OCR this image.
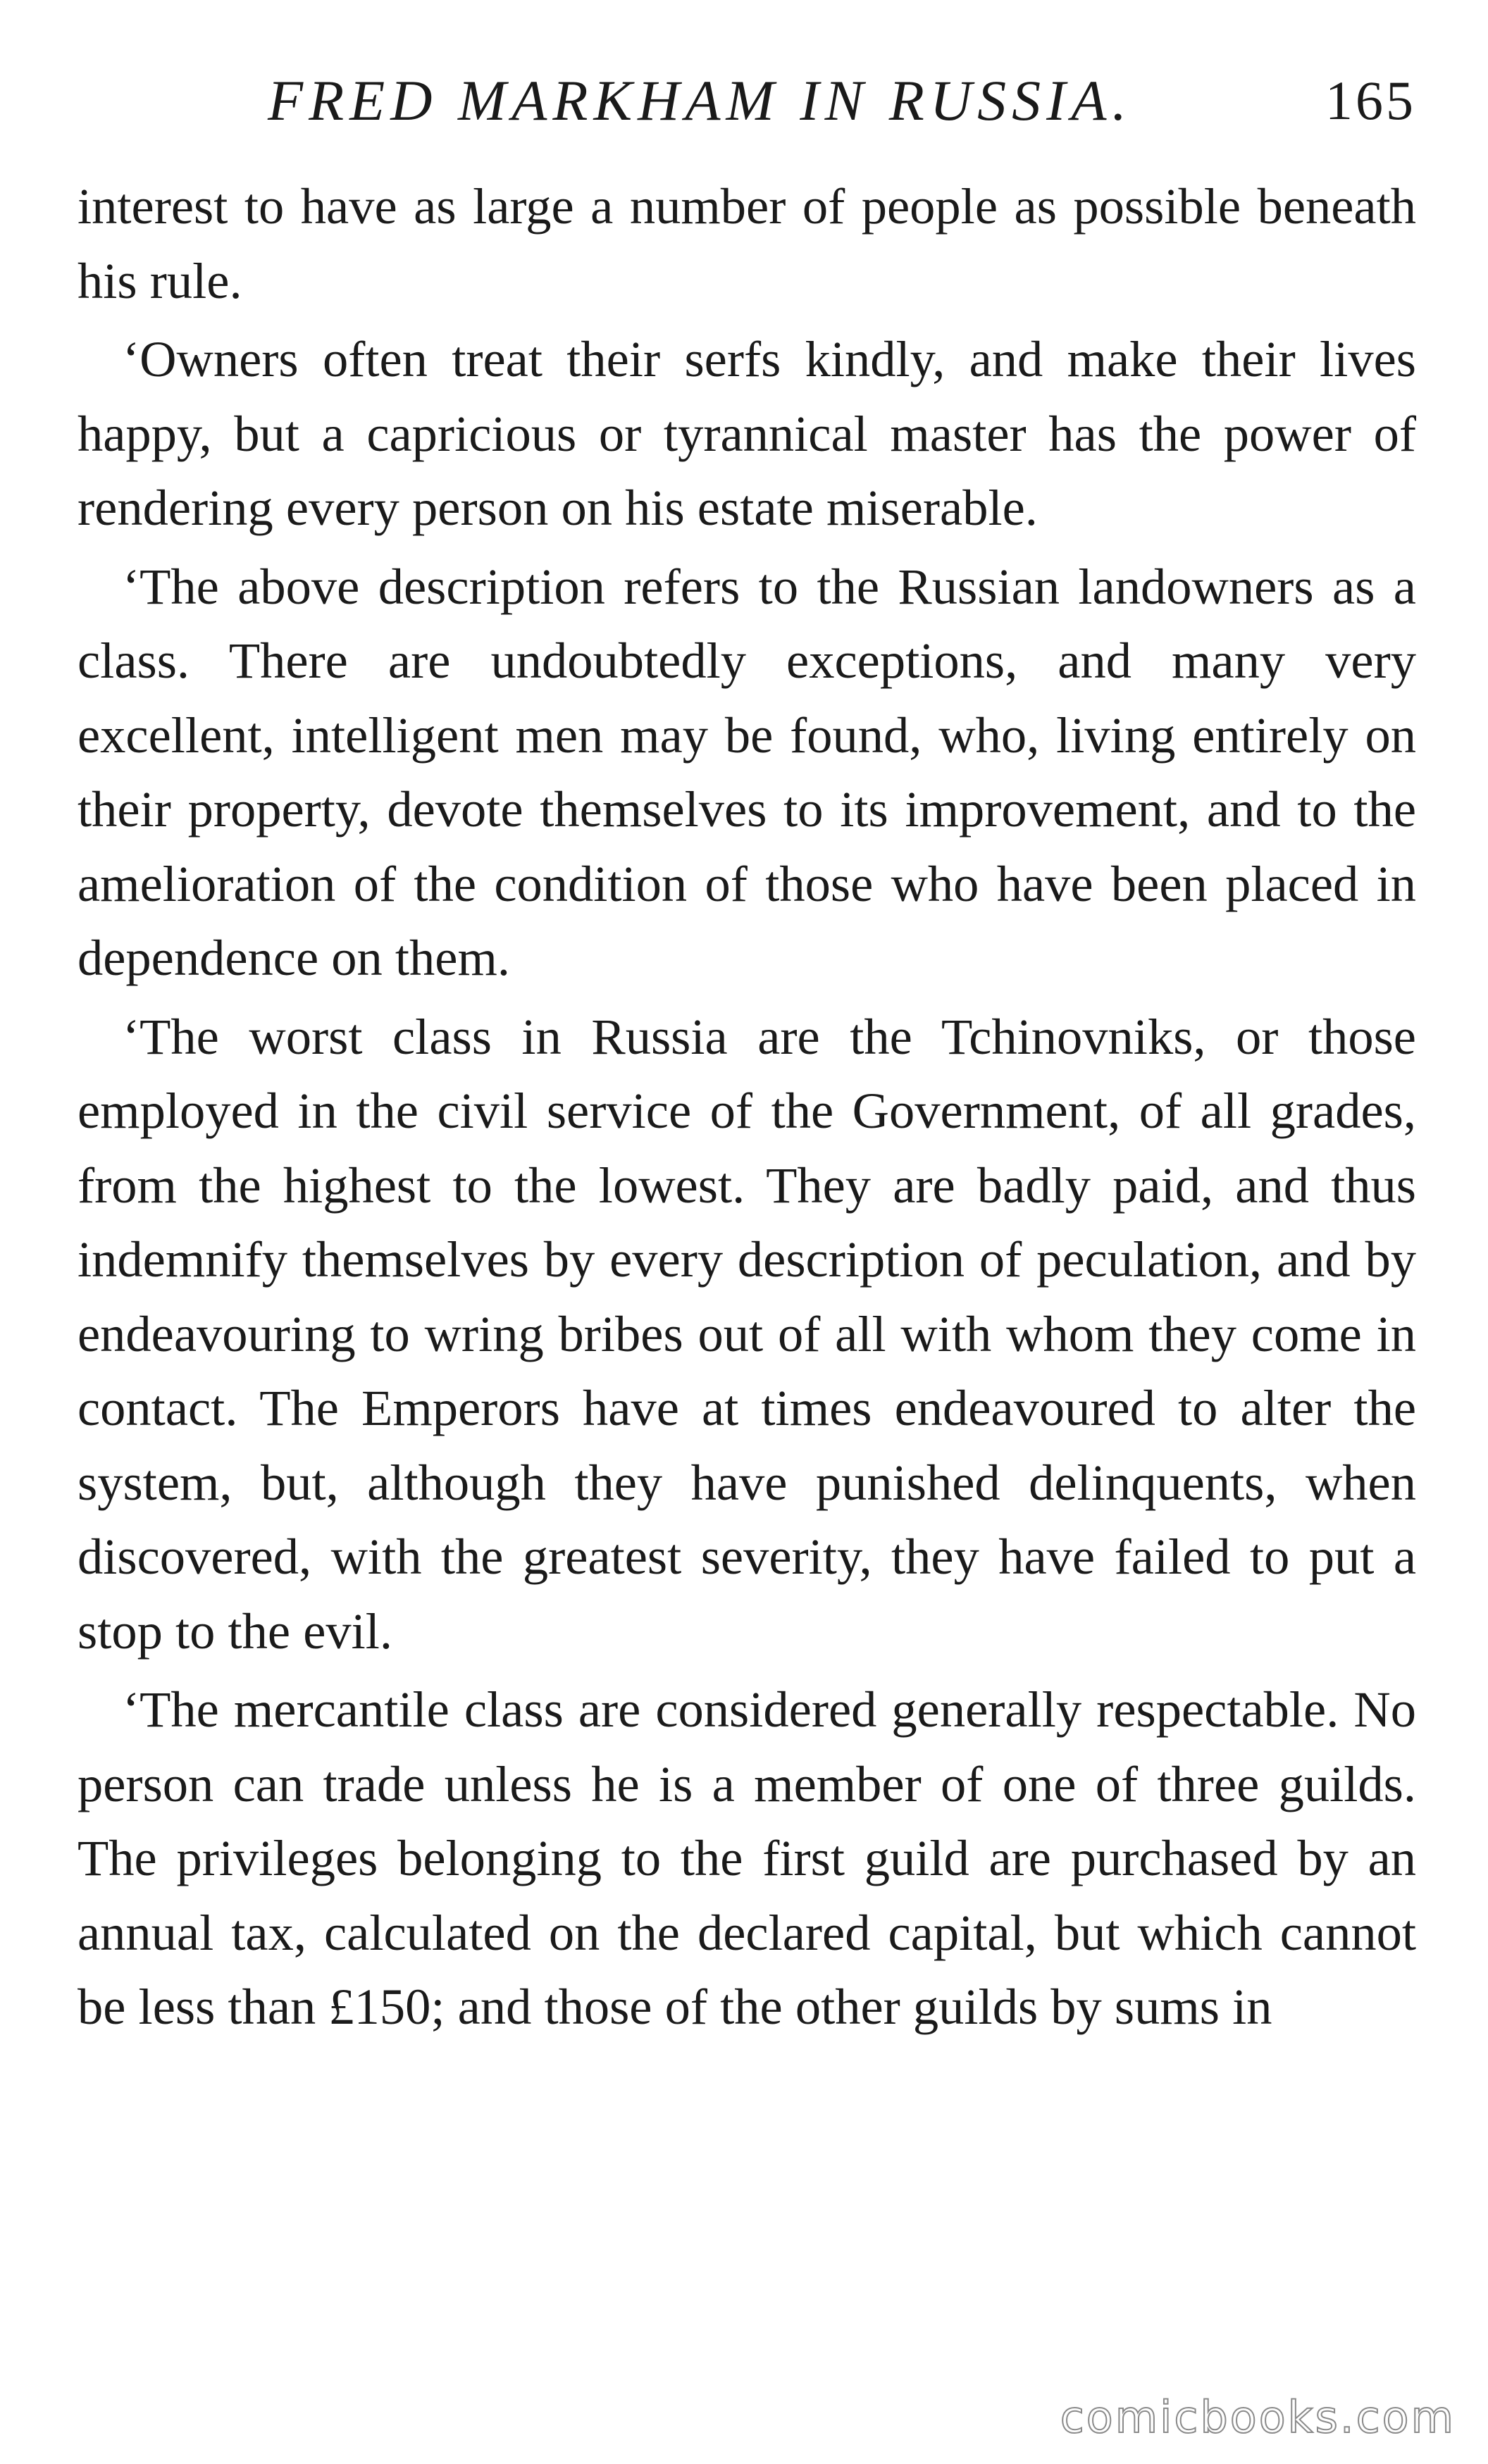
FRED MARKHAM IN RUSSIA.	165

interest to have as large a number of people as possible beneath his rule.

‘Owners often treat their serfs kindly, and make their lives happy, but a capricious or tyrannical master has the power of rendering every person on his estate miserable.

‘The above description refers to the Russian landowners as a class. There are undoubtedly exceptions, and many very excellent, intelligent men may be found, who, living entirely on their property, devote themselves to its improvement, and to the amelioration of the condition of those who have been placed in dependence on them.

‘The worst class in Russia are the Tchinovniks, or those employed in the civil service of the Government, of all grades, from the highest to the lowest. They are badly paid, and thus indemnify themselves by every description of peculation, and by endeavouring to wring bribes out of all with whom they come in contact. The Emperors have at times endeavoured to alter the system, but, although they have punished delinquents, when discovered, with the greatest severity, they have failed to put a stop to the evil.

‘The mercantile class are considered generally respectable. No person can trade unless he is a member of one of three guilds. The privileges belonging to the first guild are purchased by an annual tax, calculated on the declared capital, but which cannot be less than £150; and those of the other guilds by sums in

comicbooks.com
